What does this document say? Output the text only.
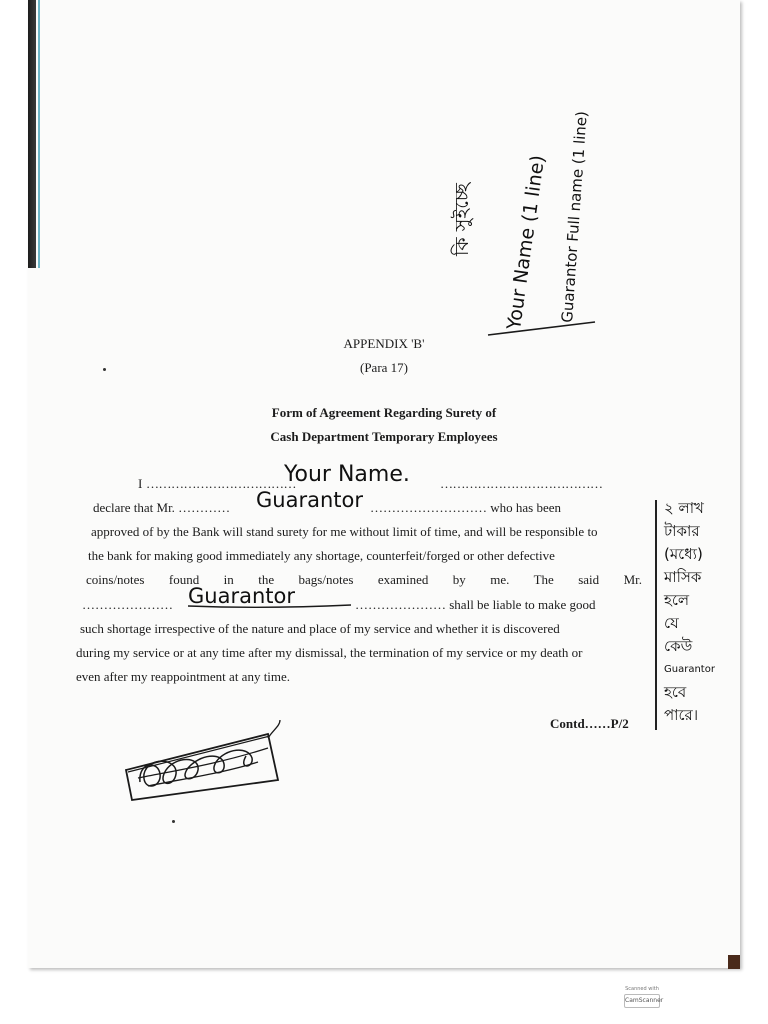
কি সুইচ্ছে	Your Name (1 line) Guarantor Full name (1 line)
APPENDIX 'B'
(Para 17)
Form of Agreement Regarding Surety of
Cash Department Temporary Employees
I ………………………………	…………………………………
Your Name.
declare that Mr. …………	……………………… who has been
Guarantor
approved of by the Bank will stand surety for me without limit of time, and will be responsible to
the bank for making good immediately any shortage, counterfeit/forged or other defective
coins/notes found in the bags/notes examined by me. The said Mr.
…………………	………………… shall be liable to make good
Guarantor
such shortage irrespective of the nature and place of my service and whether it is discovered
during my service or at any time after my dismissal, the termination of my service or my death or
even after my reappointment at any time.
Contd……P/2
২ লাখ
টাকার
(মধ্যে)
মাসিক
হলে
যে
কেউ
Guarantor
হবে
পারে।
Scanned with
CamScanner
